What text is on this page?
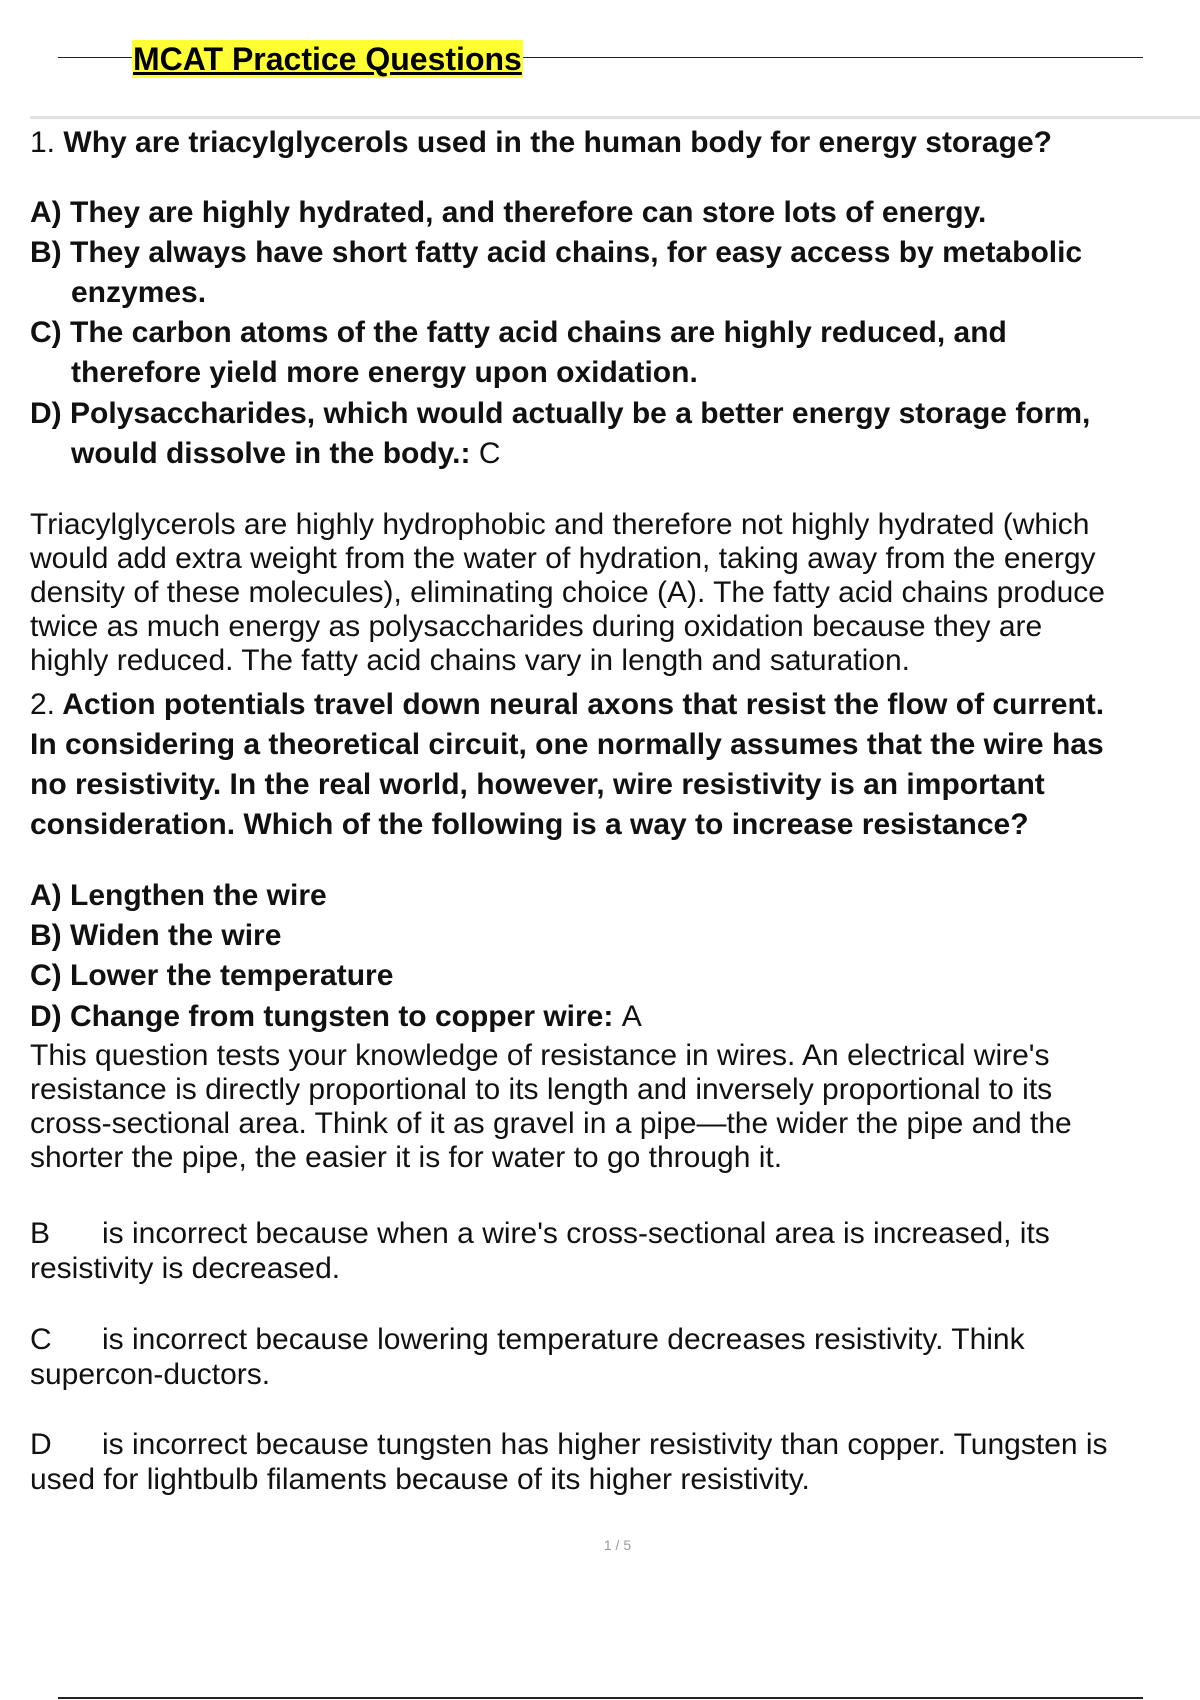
MCAT Practice Questions
1. Why are triacylglycerols used in the human body for energy storage?
A) They are highly hydrated, and therefore can store lots of energy.
B) They always have short fatty acid chains, for easy access by metabolic
enzymes.
C) The carbon atoms of the fatty acid chains are highly reduced, and
therefore yield more energy upon oxidation.
D) Polysaccharides, which would actually be a better energy storage form,
would dissolve in the body.: C
Triacylglycerols are highly hydrophobic and therefore not highly hydrated (which
would add extra weight from the water of hydration, taking away from the energy
density of these molecules), eliminating choice (A). The fatty acid chains produce
twice as much energy as polysaccharides during oxidation because they are
highly reduced. The fatty acid chains vary in length and saturation.
2. Action potentials travel down neural axons that resist the flow of current.
In considering a theoretical circuit, one normally assumes that the wire has
no resistivity. In the real world, however, wire resistivity is an important
consideration. Which of the following is a way to increase resistance?
A) Lengthen the wire
B) Widen the wire
C) Lower the temperature
D) Change from tungsten to copper wire: A
This question tests your knowledge of resistance in wires. An electrical wire's
resistance is directly proportional to its length and inversely proportional to its
cross-sectional area. Think of it as gravel in a pipe—the wider the pipe and the
shorter the pipe, the easier it is for water to go through it.
B is incorrect because when a wire's cross-sectional area is increased, its
resistivity is decreased.
C is incorrect because lowering temperature decreases resistivity. Think
supercon-ductors.
D is incorrect because tungsten has higher resistivity than copper. Tungsten is
used for lightbulb filaments because of its higher resistivity.
1 / 5
